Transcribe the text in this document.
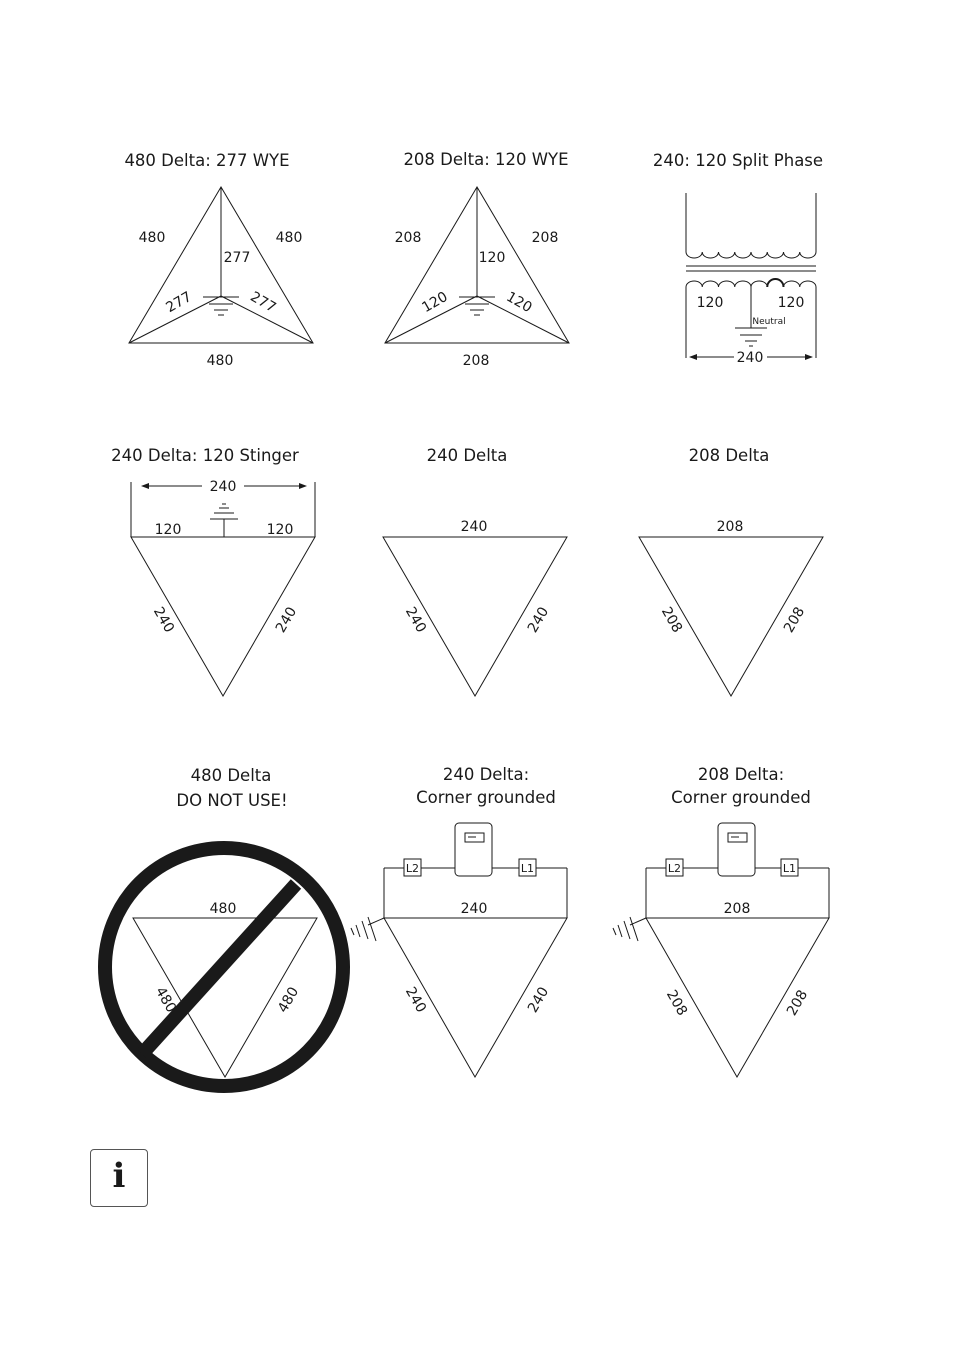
480 Delta: 277 WYE
480	480
480
277
277	277
208 Delta: 120 WYE
208	208
208
120
120	120
240: 120 Split Phase
120	120
Neutral
240
240 Delta: 120 Stinger
240
120	120
240	240
240 Delta
240
240	240
208 Delta
208
208	208
480 Delta
DO NOT USE!
480
480	480
240 Delta:
Corner grounded
L2	L1
240
240	240
208 Delta:
Corner grounded
L2	L1
208
208	208
i
